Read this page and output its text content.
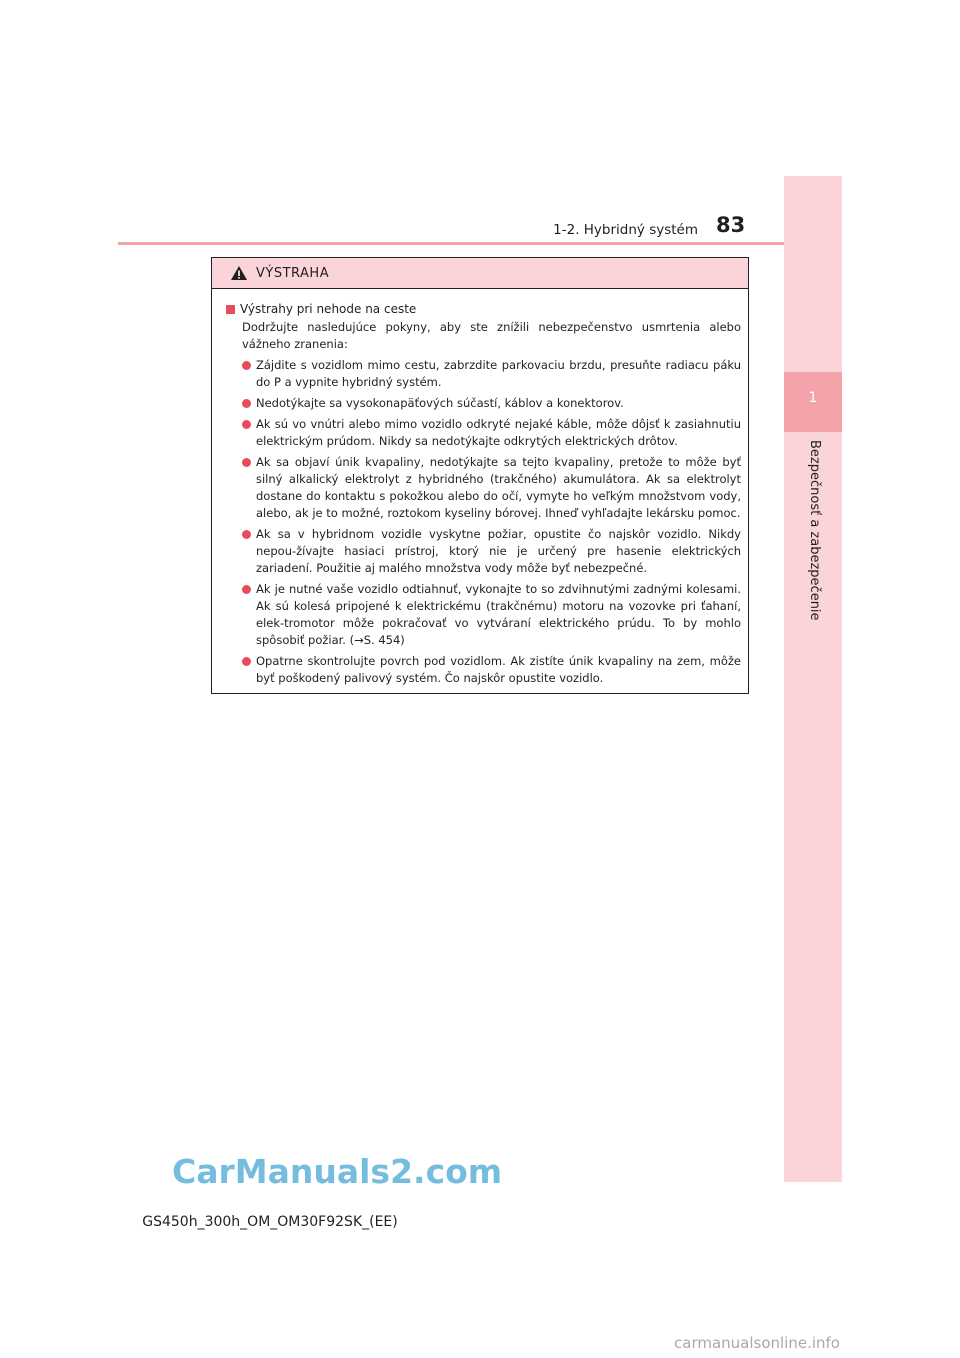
1
Bezpečnosť a zabezpečenie
1-2. Hybridný systém 83
VÝSTRAHA

Výstrahy pri nehode na ceste

Dodržujte nasledujúce pokyny, aby ste znížili nebezpečenstvo usmrtenia alebo vážneho zranenia:
Zájdite s vozidlom mimo cestu, zabrzdite parkovaciu brzdu, presuňte radiacu páku do P a vypnite hybridný systém.
Nedotýkajte sa vysokonapäťových súčastí, káblov a konektorov.
Ak sú vo vnútri alebo mimo vozidlo odkryté nejaké káble, môže dôjsť k zasiahnutiu elektrickým prúdom. Nikdy sa nedotýkajte odkrytých elektrických drôtov.
Ak sa objaví únik kvapaliny, nedotýkajte sa tejto kvapaliny, pretože to môže byť silný alkalický elektrolyt z hybridného (trakčného) akumulátora. Ak sa elektrolyt dostane do kontaktu s pokožkou alebo do očí, vymyte ho veľkým množstvom vody, alebo, ak je to možné, roztokom kyseliny bórovej. Ihneď vyhľadajte lekársku pomoc.
Ak sa v hybridnom vozidle vyskytne požiar, opustite čo najskôr vozidlo. Nikdy nepou-žívajte hasiaci prístroj, ktorý nie je určený pre hasenie elektrických zariadení. Použitie aj malého množstva vody môže byť nebezpečné.
Ak je nutné vaše vozidlo odtiahnuť, vykonajte to so zdvihnutými zadnými kolesami. Ak sú kolesá pripojené k elektrickému (trakčnému) motoru na vozovke pri ťahaní, elek-tromotor môže pokračovať vo vytváraní elektrického prúdu. To by mohlo spôsobiť požiar. (→S. 454)
Opatrne skontrolujte povrch pod vozidlom. Ak zistíte únik kvapaliny na zem, môže byť poškodený palivový systém. Čo najskôr opustite vozidlo.
CarManuals2.com
GS450h_300h_OM_OM30F92SK_(EE)
carmanualsonline.info
